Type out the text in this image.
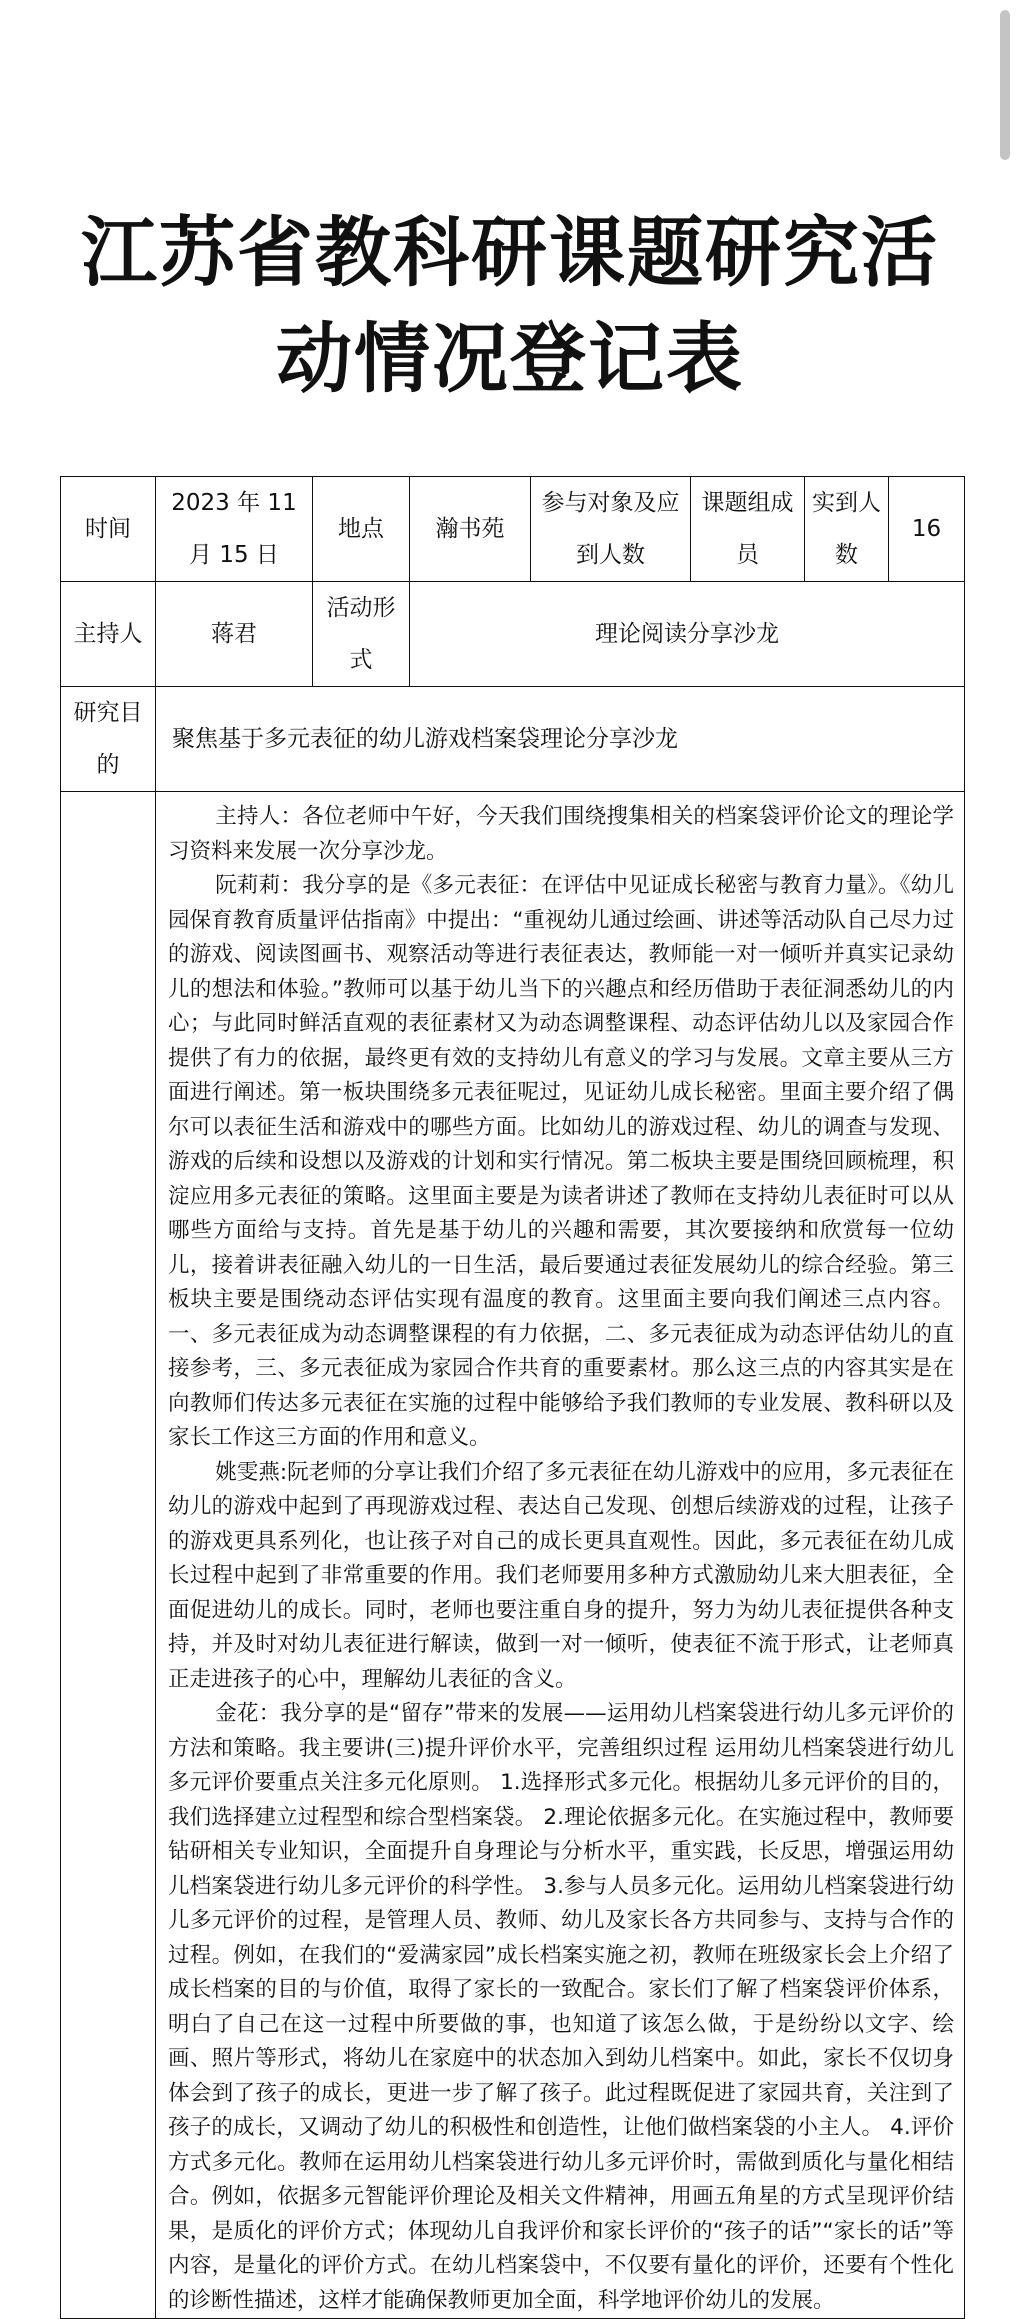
江苏省教科研课题研究活
动情况登记表
时间	2023 年 11 月 15 日	地点	瀚书苑	参与对象及应到人数	课题组成员	实到人数	16
主持人	蒋君	活动形式	理论阅读分享沙龙				
研究目的	聚焦基于多元表征的幼儿游戏档案袋理论分享沙龙						

	主持人：各位老师中午好，今天我们围绕搜集相关的档案袋评价论文的理论学习资料来发展一次分享沙龙。

阮莉莉：我分享的是《多元表征：在评估中见证成长秘密与教育力量》。《幼儿园保育教育质量评估指南》中提出：“重视幼儿通过绘画、讲述等活动队自己尽力过的游戏、阅读图画书、观察活动等进行表征表达，教师能一对一倾听并真实记录幼儿的想法和体验。”教师可以基于幼儿当下的兴趣点和经历借助于表征洞悉幼儿的内心；与此同时鲜活直观的表征素材又为动态调整课程、动态评估幼儿以及家园合作提供了有力的依据，最终更有效的支持幼儿有意义的学习与发展。文章主要从三方面进行阐述。第一板块围绕多元表征呢过，见证幼儿成长秘密。里面主要介绍了偶尔可以表征生活和游戏中的哪些方面。比如幼儿的游戏过程、幼儿的调查与发现、游戏的后续和设想以及游戏的计划和实行情况。第二板块主要是围绕回顾梳理，积淀应用多元表征的策略。这里面主要是为读者讲述了教师在支持幼儿表征时可以从哪些方面给与支持。首先是基于幼儿的兴趣和需要，其次要接纳和欣赏每一位幼儿，接着讲表征融入幼儿的一日生活，最后要通过表征发展幼儿的综合经验。第三板块主要是围绕动态评估实现有温度的教育。这里面主要向我们阐述三点内容。一、多元表征成为动态调整课程的有力依据，二、多元表征成为动态评估幼儿的直接参考，三、多元表征成为家园合作共育的重要素材。那么这三点的内容其实是在向教师们传达多元表征在实施的过程中能够给予我们教师的专业发展、教科研以及家长工作这三方面的作用和意义。

姚雯燕:阮老师的分享让我们介绍了多元表征在幼儿游戏中的应用，多元表征在幼儿的游戏中起到了再现游戏过程、表达自己发现、创想后续游戏的过程，让孩子的游戏更具系列化，也让孩子对自己的成长更具直观性。因此，多元表征在幼儿成长过程中起到了非常重要的作用。我们老师要用多种方式激励幼儿来大胆表征，全面促进幼儿的成长。同时，老师也要注重自身的提升，努力为幼儿表征提供各种支持，并及时对幼儿表征进行解读，做到一对一倾听，使表征不流于形式，让老师真正走进孩子的心中，理解幼儿表征的含义。

金花：我分享的是“留存”带来的发展——运用幼儿档案袋进行幼儿多元评价的方法和策略。我主要讲(三)提升评价水平，完善组织过程 运用幼儿档案袋进行幼儿多元评价要重点关注多元化原则。 1.选择形式多元化。根据幼儿多元评价的目的，我们选择建立过程型和综合型档案袋。 2.理论依据多元化。在实施过程中，教师要钻研相关专业知识，全面提升自身理论与分析水平，重实践，长反思，增强运用幼儿档案袋进行幼儿多元评价的科学性。 3.参与人员多元化。运用幼儿档案袋进行幼儿多元评价的过程，是管理人员、教师、幼儿及家长各方共同参与、支持与合作的过程。例如，在我们的“爱满家园”成长档案实施之初，教师在班级家长会上介绍了成长档案的目的与价值，取得了家长的一致配合。家长们了解了档案袋评价体系，明白了自己在这一过程中所要做的事，也知道了该怎么做，于是纷纷以文字、绘画、照片等形式，将幼儿在家庭中的状态加入到幼儿档案中。如此，家长不仅切身体会到了孩子的成长，更进一步了解了孩子。此过程既促进了家园共育，关注到了孩子的成长，又调动了幼儿的积极性和创造性，让他们做档案袋的小主人。 4.评价方式多元化。教师在运用幼儿档案袋进行幼儿多元评价时，需做到质化与量化相结合。例如，依据多元智能评价理论及相关文件精神，用画五角星的方式呈现评价结果，是质化的评价方式；体现幼儿自我评价和家长评价的“孩子的话”“家长的话”等内容，是量化的评价方式。在幼儿档案袋中，不仅要有量化的评价，还要有个性化的诊断性描述，这样才能确保教师更加全面，科学地评价幼儿的发展。						
